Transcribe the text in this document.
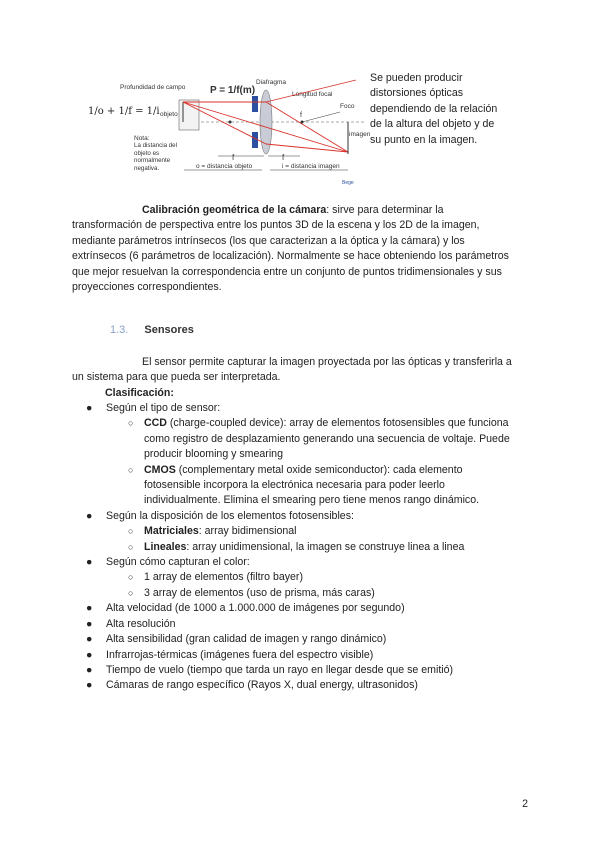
1/o + 1/f = 1/i
Profundidad de campo P = 1/f(m)
Diafragma
Longitud focal
Foco
objeto
imagen
f	f
f
o = distancia objeto	i = distancia imagen
Nota:
La distancia del objeto es normalmente negativa.
Bege
Se pueden producir distorsiones ópticas dependiendo de la relación de la altura del objeto y de su punto en la imagen.

Calibración geométrica de la cámara: sirve para determinar la transformación de perspectiva entre los puntos 3D de la escena y los 2D de la imagen, mediante parámetros intrínsecos (los que caracterizan a la óptica y la cámara) y los extrínsecos (6 parámetros de localización). Normalmente se hace obteniendo los parámetros que mejor resuelvan la correspondencia entre un conjunto de puntos tridimensionales y sus proyecciones correspondientes.

1.3. Sensores

El sensor permite capturar la imagen proyectada por las ópticas y transferirla a un sistema para que pueda ser interpretada.

Clasificación:
● Según el tipo de sensor:
○ CCD (charge-coupled device): array de elementos fotosensibles que funciona como registro de desplazamiento generando una secuencia de voltaje. Puede producir blooming y smearing
○ CMOS (complementary metal oxide semiconductor): cada elemento fotosensible incorpora la electrónica necesaria para poder leerlo individualmente. Elimina el smearing pero tiene menos rango dinámico.
● Según la disposición de los elementos fotosensibles:
○ Matriciales: array bidimensional
○ Lineales: array unidimensional, la imagen se construye linea a linea
● Según cómo capturan el color:
○ 1 array de elementos (filtro bayer)
○ 3 array de elementos (uso de prisma, más caras)
● Alta velocidad (de 1000 a 1.000.000 de imágenes por segundo)
● Alta resolución
● Alta sensibilidad (gran calidad de imagen y rango dinámico)
● Infrarrojas-térmicas (imágenes fuera del espectro visible)
● Tiempo de vuelo (tiempo que tarda un rayo en llegar desde que se emitió)
● Cámaras de rango específico (Rayos X, dual energy, ultrasonidos)
2
